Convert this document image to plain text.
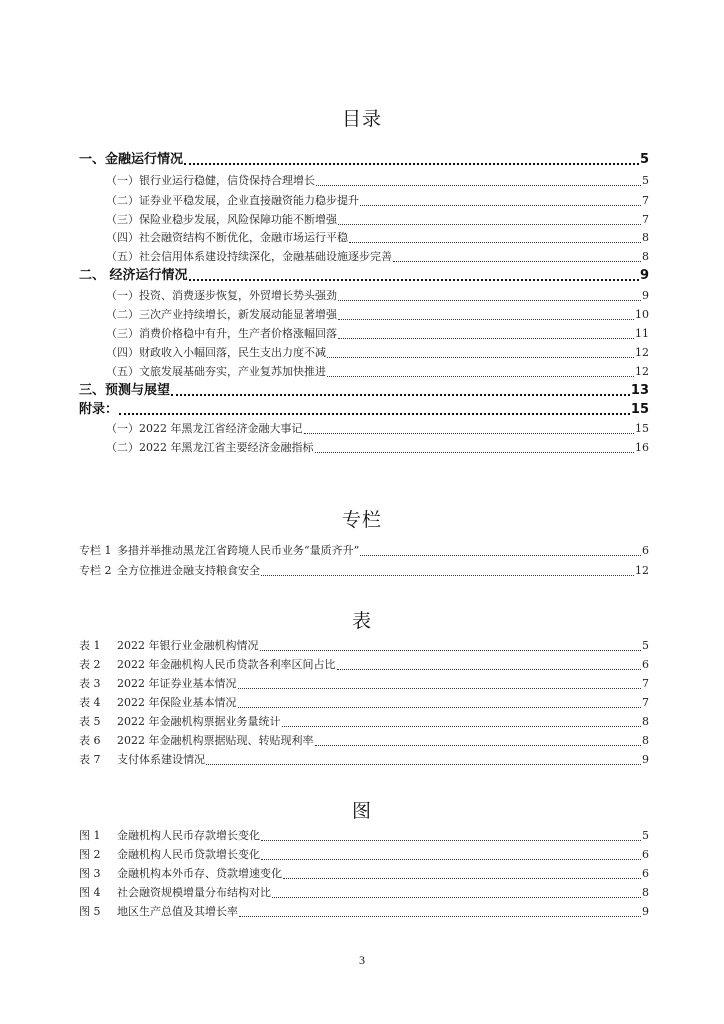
目录
一、金融运行情况	5
（一）银行业运行稳健，信贷保持合理增长	5
（二）证券业平稳发展，企业直接融资能力稳步提升	7
（三）保险业稳步发展，风险保障功能不断增强	7
（四）社会融资结构不断优化，金融市场运行平稳	8
（五）社会信用体系建设持续深化，金融基础设施逐步完善	8
二、 经济运行情况	9
（一）投资、消费逐步恢复，外贸增长势头强劲	9
（二）三次产业持续增长，新发展动能显著增强	10
（三）消费价格稳中有升，生产者价格涨幅回落	11
（四）财政收入小幅回落，民生支出力度不减	12
（五）文旅发展基础夯实，产业复苏加快推进	12
三、预测与展望	13
附录：	15
（一）2022 年黑龙江省经济金融大事记	15
（二）2022 年黑龙江省主要经济金融指标	16
专栏
专栏 1 多措并举推动黑龙江省跨境人民币业务“量质齐升”	6
专栏 2 全方位推进金融支持粮食安全	12
表
表 1 2022 年银行业金融机构情况	5
表 2 2022 年金融机构人民币贷款各利率区间占比	6
表 3 2022 年证券业基本情况	7
表 4 2022 年保险业基本情况	7
表 5 2022 年金融机构票据业务量统计	8
表 6 2022 年金融机构票据贴现、转贴现利率	8
表 7 支付体系建设情况	9
图
图 1 金融机构人民币存款增长变化	5
图 2 金融机构人民币贷款增长变化	6
图 3 金融机构本外币存、贷款增速变化	6
图 4 社会融资规模增量分布结构对比	8
图 5 地区生产总值及其增长率	9
3
